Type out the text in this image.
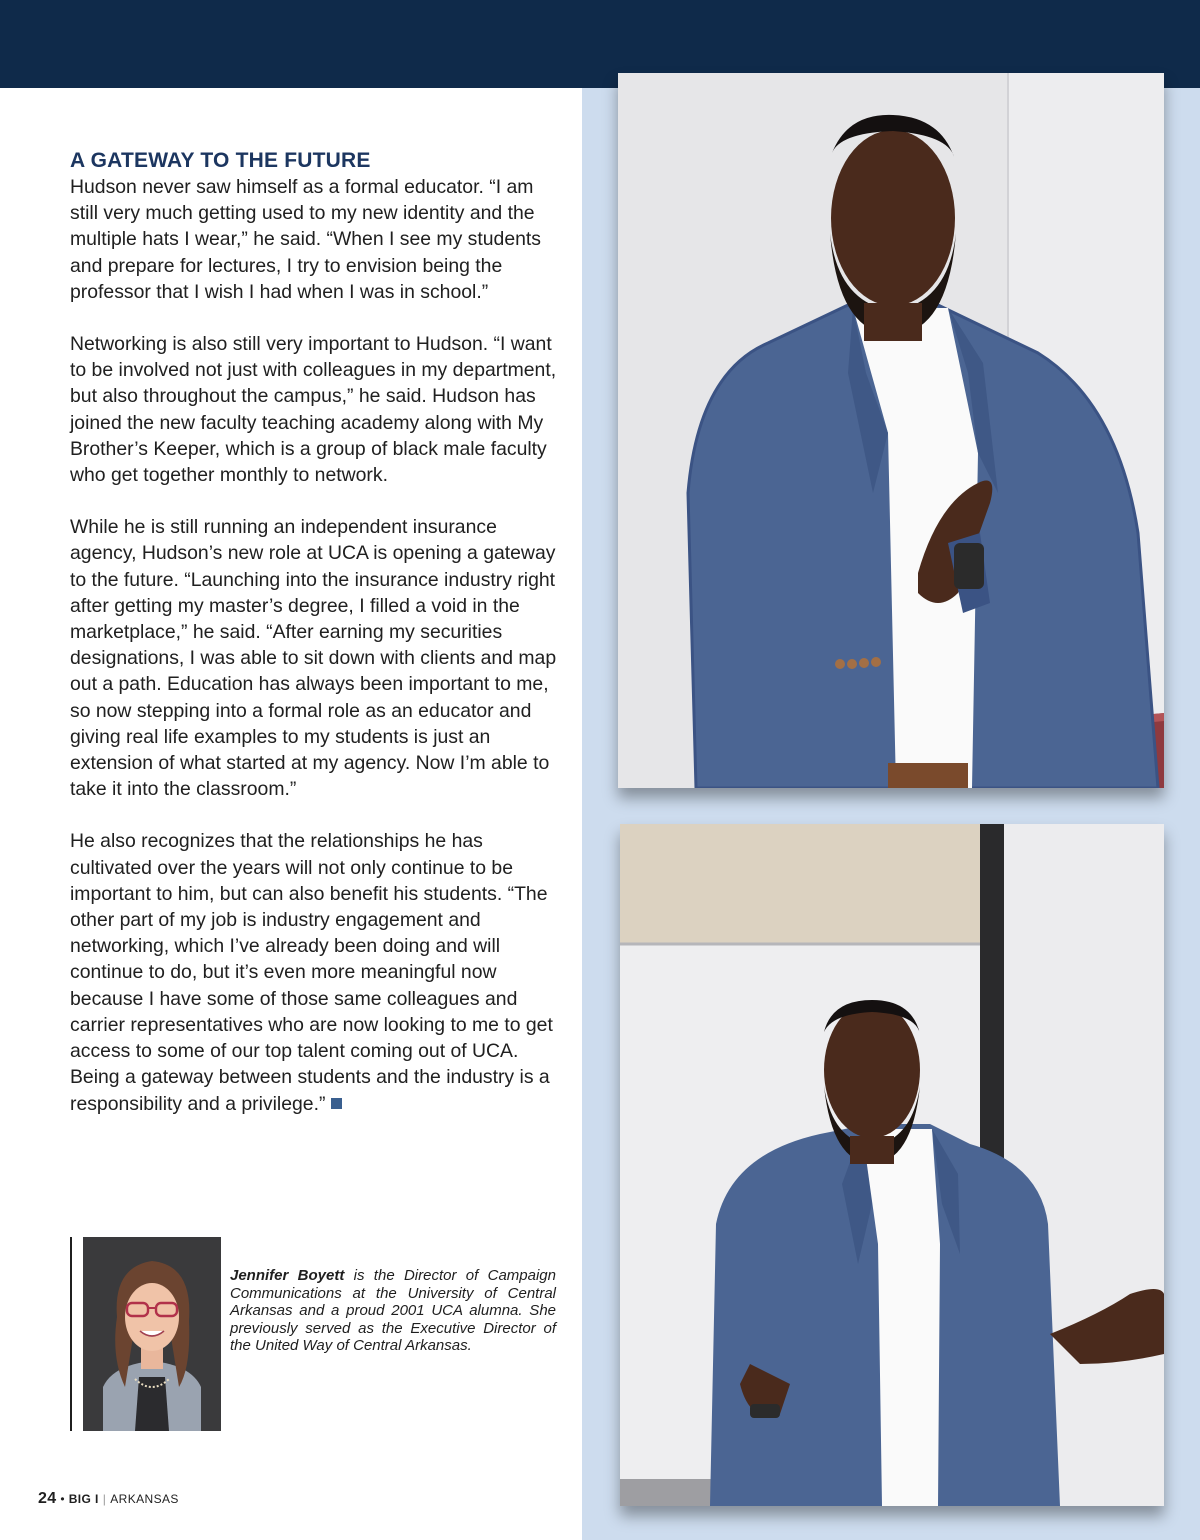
A GATEWAY TO THE FUTURE

Hudson never saw himself as a formal educator. “I am still very much getting used to my new identity and the multiple hats I wear,” he said. “When I see my students and prepare for lectures, I try to envision being the professor that I wish I had when I was in school.”

Networking is also still very important to Hudson. “I want to be involved not just with colleagues in my department, but also throughout the campus,” he said. Hudson has joined the new faculty teaching academy along with My Brother’s Keeper, which is a group of black male faculty who get together monthly to network.

While he is still running an independent insurance agency, Hudson’s new role at UCA is opening a gateway to the future. “Launching into the insurance industry right after getting my master’s degree, I filled a void in the marketplace,” he said. “After earning my securities designations, I was able to sit down with clients and map out a path. Education has always been important to me, so now stepping into a formal role as an educator and giving real life examples to my students is just an extension of what started at my agency. Now I’m able to take it into the classroom.”

He also recognizes that the relationships he has cultivated over the years will not only continue to be important to him, but can also benefit his students. “The other part of my job is industry engagement and networking, which I’ve already been doing and will continue to do, but it’s even more meaningful now because I have some of those same colleagues and carrier representatives who are now looking to me to get access to some of our top talent coming out of UCA. Being a gateway between students and the industry is a responsibility and a privilege.”

Jennifer Boyett is the Director of Campaign Communications at the University of Central Arkansas and a proud 2001 UCA alumna. She previously served as the Executive Director of the United Way of Central Arkansas.
24 • BIG I | ARKANSAS
